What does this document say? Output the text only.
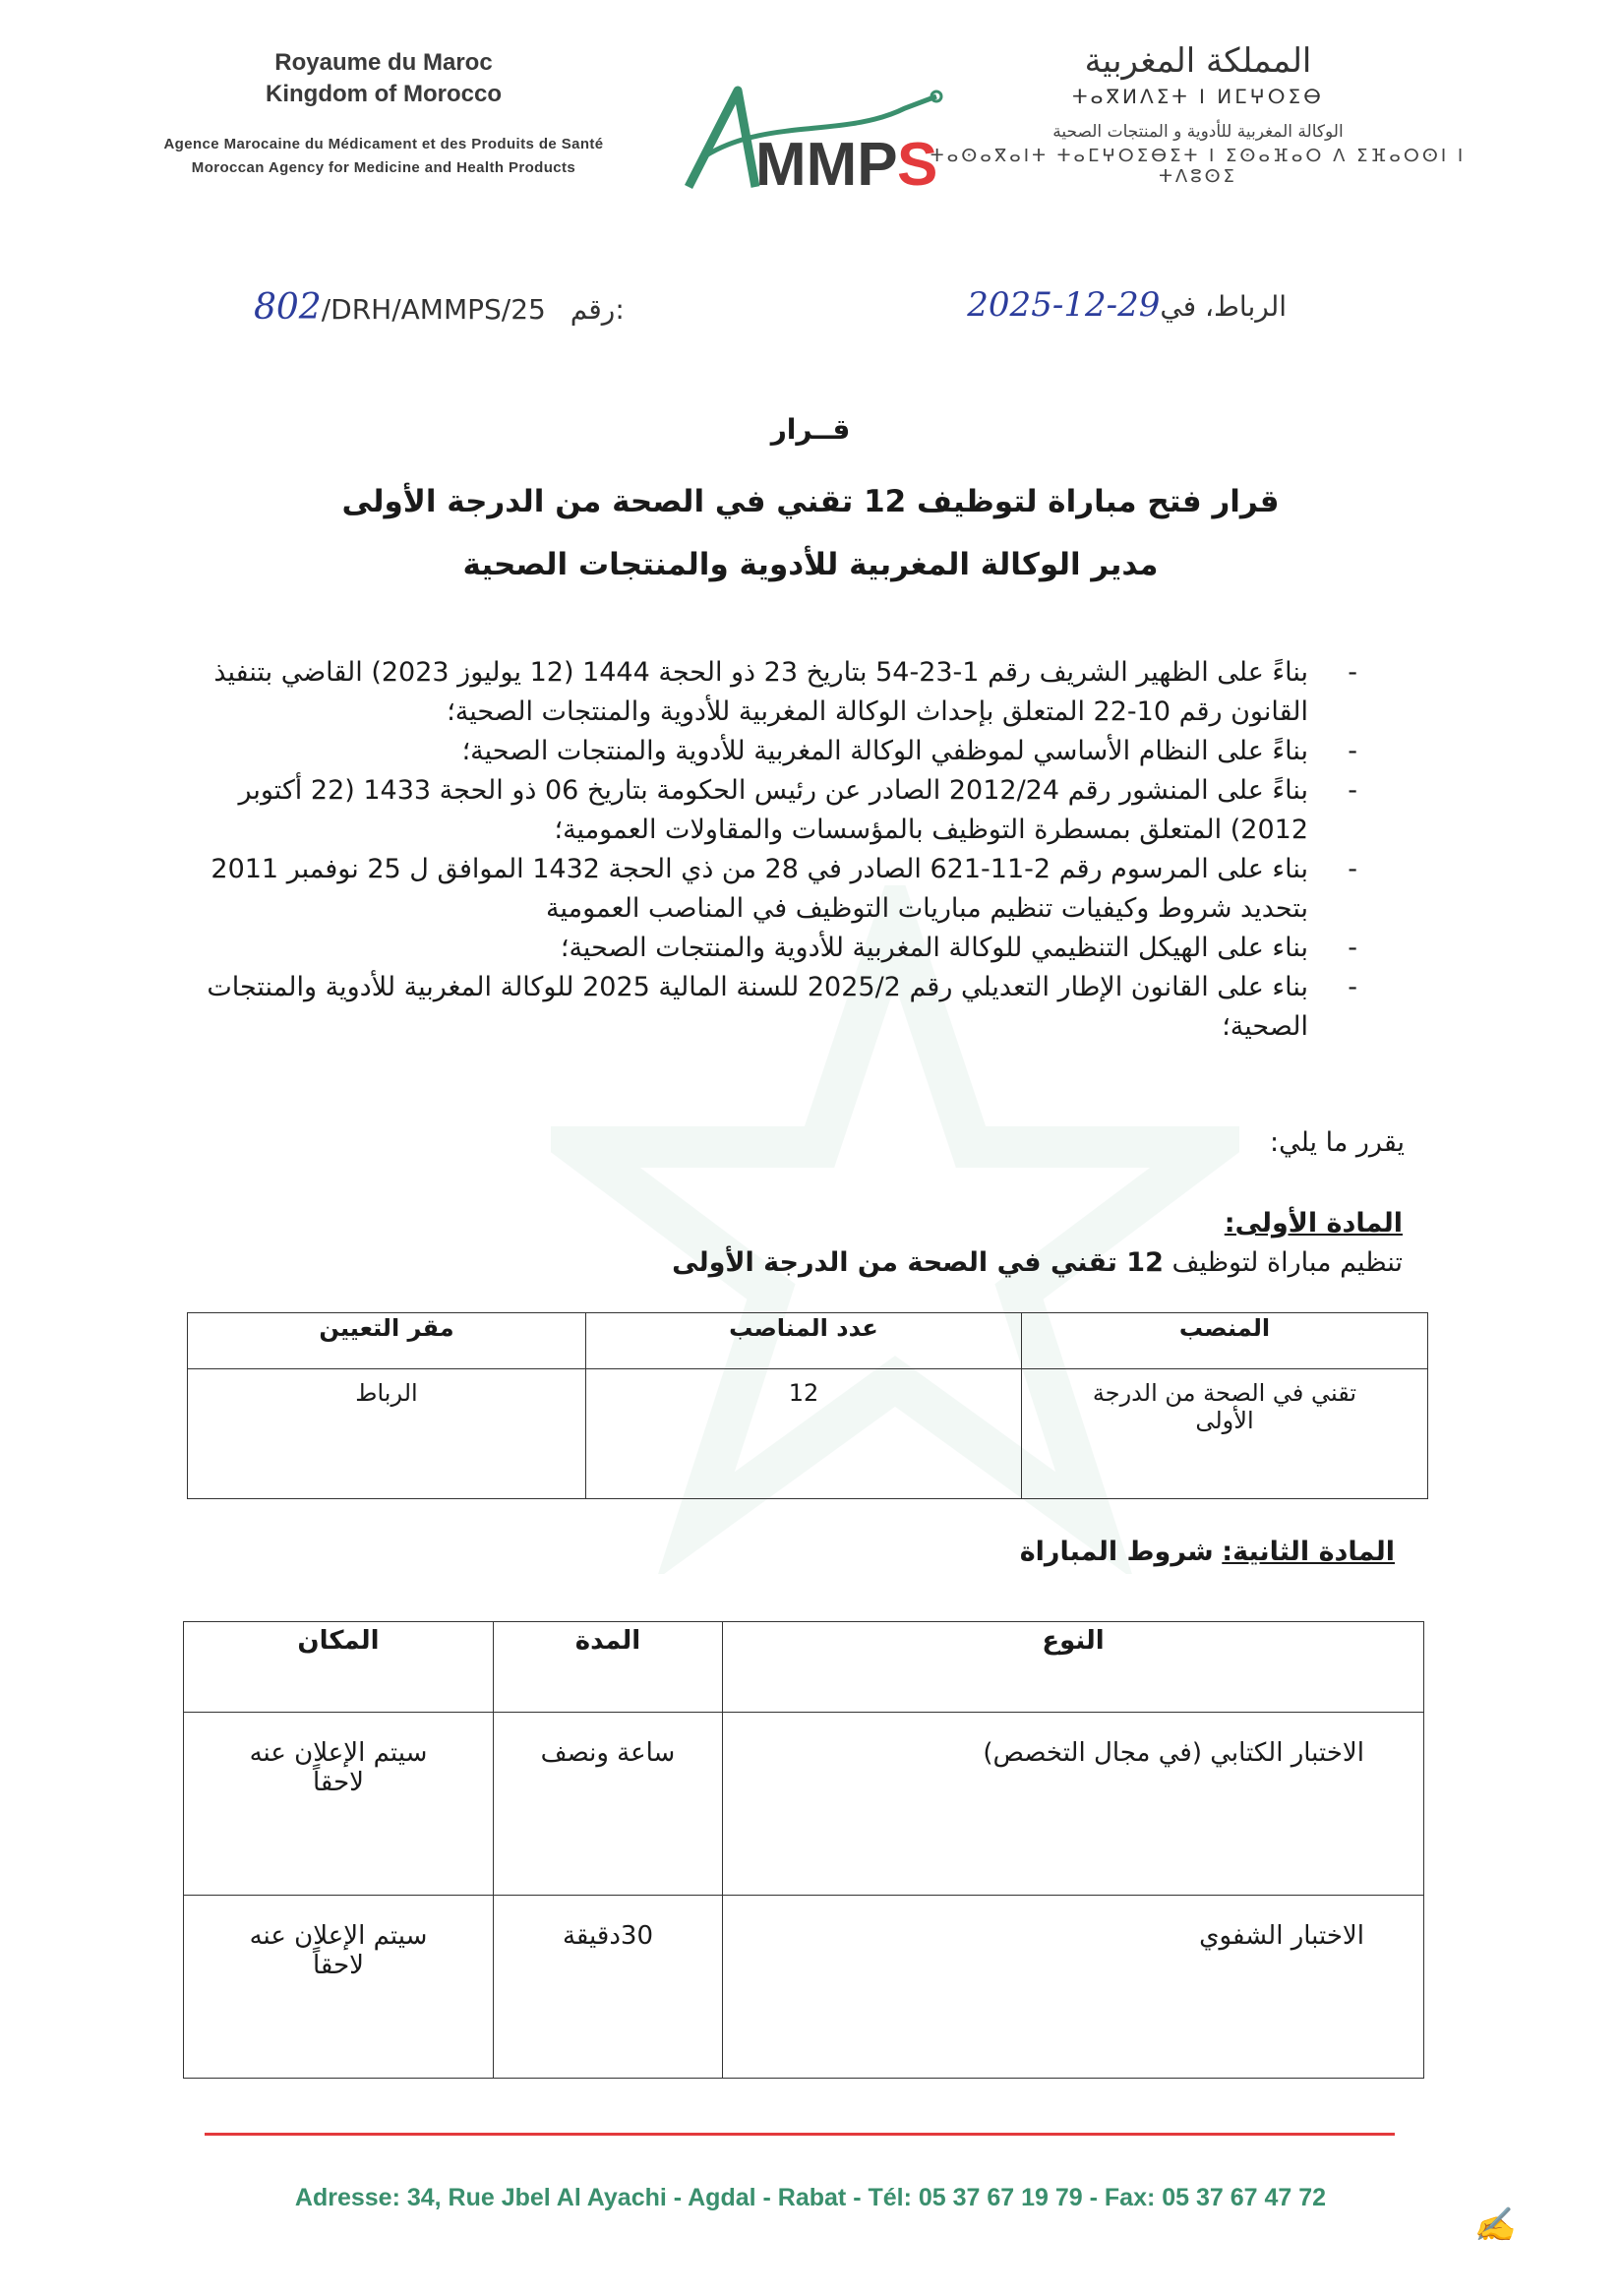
Royaume du Maroc
Kingdom of Morocco
Agence Marocaine du Médicament et des Produits de Santé
Moroccan Agency for Medicine and Health Products	MMP S
المملكة المغربية
ⵜⴰⴳⵍⴷⵉⵜ ⵏ ⵍⵎⵖⵔⵉⴱ
الوكالة المغربية للأدوية و المنتجات الصحية
ⵜⴰⵙⴰⴳⴰⵏⵜ ⵜⴰⵎⵖⵔⵉⴱⵉⵜ ⵏ ⵉⵙⴰⴼⴰⵔ ⴷ ⵉⴼⴰⵔⵙⵏ ⵏ ⵜⴷⵓⵙⵉ
802/DRH/AMMPS/25 رقم:	الرباط، في29-12-2025
قــرار
قرار فتح مباراة لتوظيف 12 تقني في الصحة من الدرجة الأولى
مدير الوكالة المغربية للأدوية والمنتجات الصحية
- بناءً على الظهير الشريف رقم 1-23-54 بتاريخ 23 ذو الحجة 1444 (12 يوليوز 2023) القاضي بتنفيذ القانون رقم 10-22 المتعلق بإحداث الوكالة المغربية للأدوية والمنتجات الصحية؛
- بناءً على النظام الأساسي لموظفي الوكالة المغربية للأدوية والمنتجات الصحية؛
- بناءً على المنشور رقم 2012/24 الصادر عن رئيس الحكومة بتاريخ 06 ذو الحجة 1433 (22 أكتوبر 2012) المتعلق بمسطرة التوظيف بالمؤسسات والمقاولات العمومية؛
- بناء على المرسوم رقم 2-11-621 الصادر في 28 من ذي الحجة 1432 الموافق ل 25 نوفمبر 2011 بتحديد شروط وكيفيات تنظيم مباريات التوظيف في المناصب العمومية
- بناء على الهيكل التنظيمي للوكالة المغربية للأدوية والمنتجات الصحية؛
- بناء على القانون الإطار التعديلي رقم 2025/2 للسنة المالية 2025 للوكالة المغربية للأدوية والمنتجات الصحية؛
يقرر ما يلي:
المادة الأولى:
تنظيم مباراة لتوظيف 12 تقني في الصحة من الدرجة الأولى
المنصب	عدد المناصب	مقر التعيين
تقني في الصحة من الدرجة الأولى	12	الرباط
المادة الثانية: شروط المباراة
النوع	المدة	المكان
الاختبار الكتابي (في مجال التخصص)	ساعة ونصف	سيتم الإعلان عنه لاحقاً
الاختبار الشفوي	30دقيقة	سيتم الإعلان عنه لاحقاً
Adresse: 34, Rue Jbel Al Ayachi - Agdal - Rabat - Tél: 05 37 67 19 79 - Fax: 05 37 67 47 72
✍
